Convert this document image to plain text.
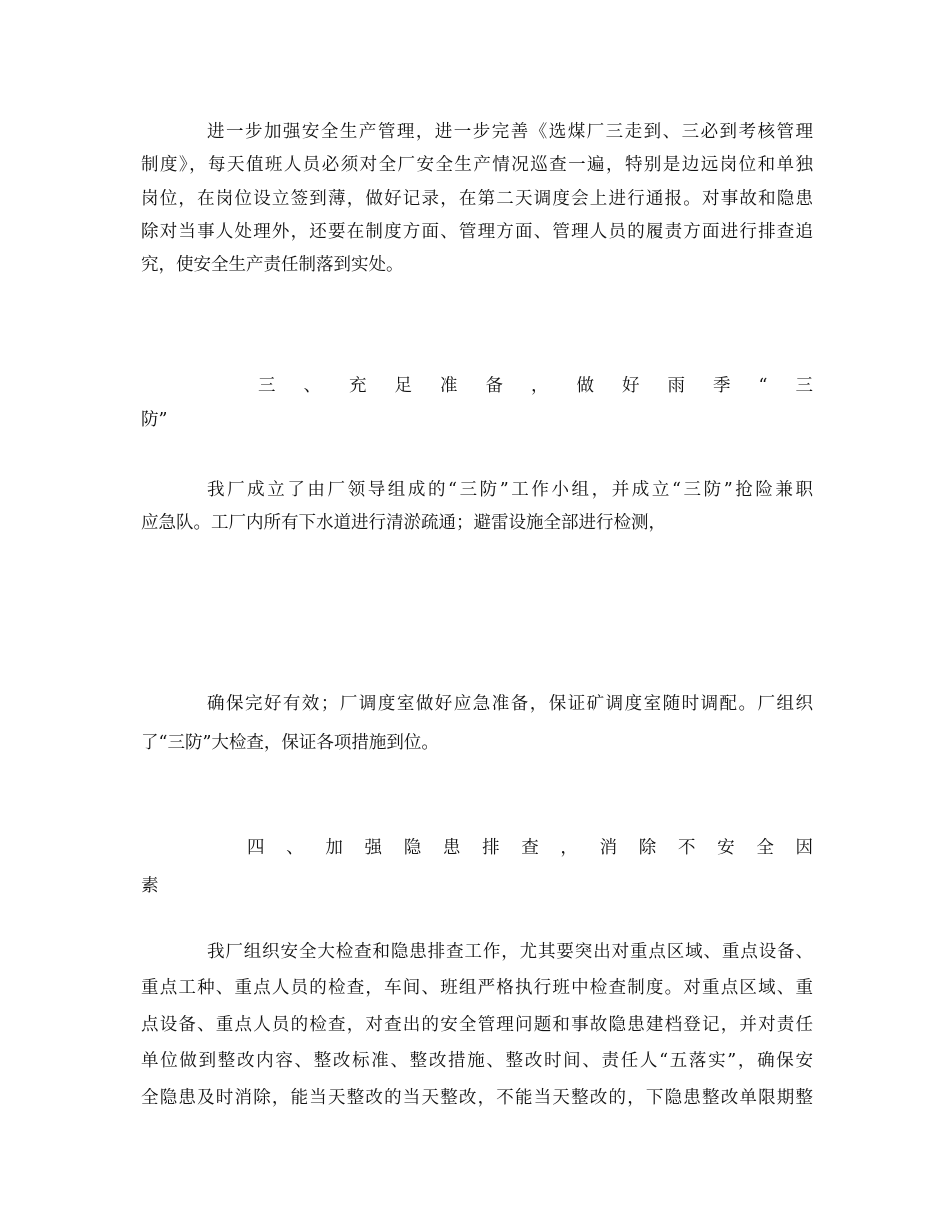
进一步加强安全生产管理，进一步完善《选煤厂三走到、三必到考核管理
制度》，每天值班人员必须对全厂安全生产情况巡查一遍，特别是边远岗位和单独
岗位，在岗位设立签到薄，做好记录，在第二天调度会上进行通报。对事故和隐患
除对当事人处理外，还要在制度方面、管理方面、管理人员的履责方面进行排查追
究，使安全生产责任制落到实处。
三、充足准备，做好雨季“三
防”
我厂成立了由厂领导组成的“三防”工作小组，并成立“三防”抢险兼职
应急队。工厂内所有下水道进行清淤疏通；避雷设施全部进行检测，
确保完好有效；厂调度室做好应急准备，保证矿调度室随时调配。厂组织
了“三防”大检查，保证各项措施到位。
四、加强隐患排查，消除不安全因
素
我厂组织安全大检查和隐患排查工作，尤其要突出对重点区域、重点设备、
重点工种、重点人员的检查，车间、班组严格执行班中检查制度。对重点区域、重
点设备、重点人员的检查，对查出的安全管理问题和事故隐患建档登记，并对责任
单位做到整改内容、整改标准、整改措施、整改时间、责任人“五落实”，确保安
全隐患及时消除，能当天整改的当天整改，不能当天整改的，下隐患整改单限期整
